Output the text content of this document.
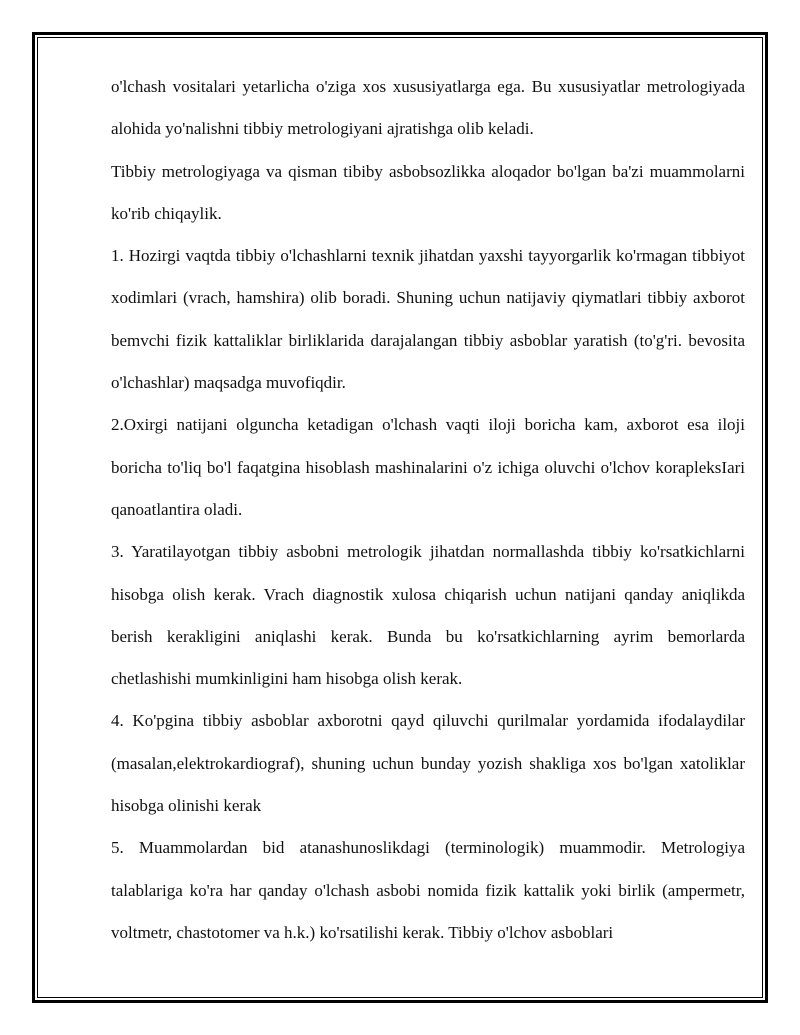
o'lchash vositalari yetarlicha o'ziga xos xususiyatlarga ega. Bu xususiyatlar metrologiyada alohida yo'nalishni tibbiy metrologiyani ajratishga olib keladi.

Tibbiy metrologiyaga va qisman tibiby asbobsozlikka aloqador bo'lgan ba'zi muammolarni ko'rib chiqaylik.

1. Hozirgi vaqtda tibbiy o'lchashlarni texnik jihatdan yaxshi tayyorgarlik ko'rmagan tibbiyot xodimlari (vrach, hamshira) olib boradi. Shuning uchun natijaviy qiymatlari tibbiy axborot bemvchi fizik kattaliklar birliklarida darajalangan tibbiy asboblar yaratish (to'g'ri. bevosita o'lchashlar) maqsadga muvofiqdir.

2.Oxirgi natijani olguncha ketadigan o'lchash vaqti iloji boricha kam, axborot esa iloji boricha to'liq bo'l faqatgina hisoblash mashinalarini o'z ichiga oluvchi o'lchov korapleksIari qanoatlantira oladi.

3. Yaratilayotgan tibbiy asbobni metrologik jihatdan normallashda tibbiy ko'rsatkichlarni hisobga olish kerak. Vrach diagnostik xulosa chiqarish uchun natijani qanday aniqlikda berish kerakligini aniqlashi kerak. Bunda bu ko'rsatkichlarning ayrim bemorlarda chetlashishi mumkinligini ham hisobga olish kerak.

4. Ko'pgina tibbiy asboblar axborotni qayd qiluvchi qurilmalar yordamida ifodalaydilar (masalan,elektrokardiograf), shuning uchun bunday yozish shakliga xos bo'lgan xatoliklar hisobga olinishi kerak

5. Muammolardan bid atanashunoslikdagi (terminologik) muammodir. Metrologiya talablariga ko'ra har qanday o'lchash asbobi nomida fizik kattalik yoki birlik (ampermetr, voltmetr, chastotomer va h.k.) ko'rsatilishi kerak. Tibbiy o'lchov asboblari
